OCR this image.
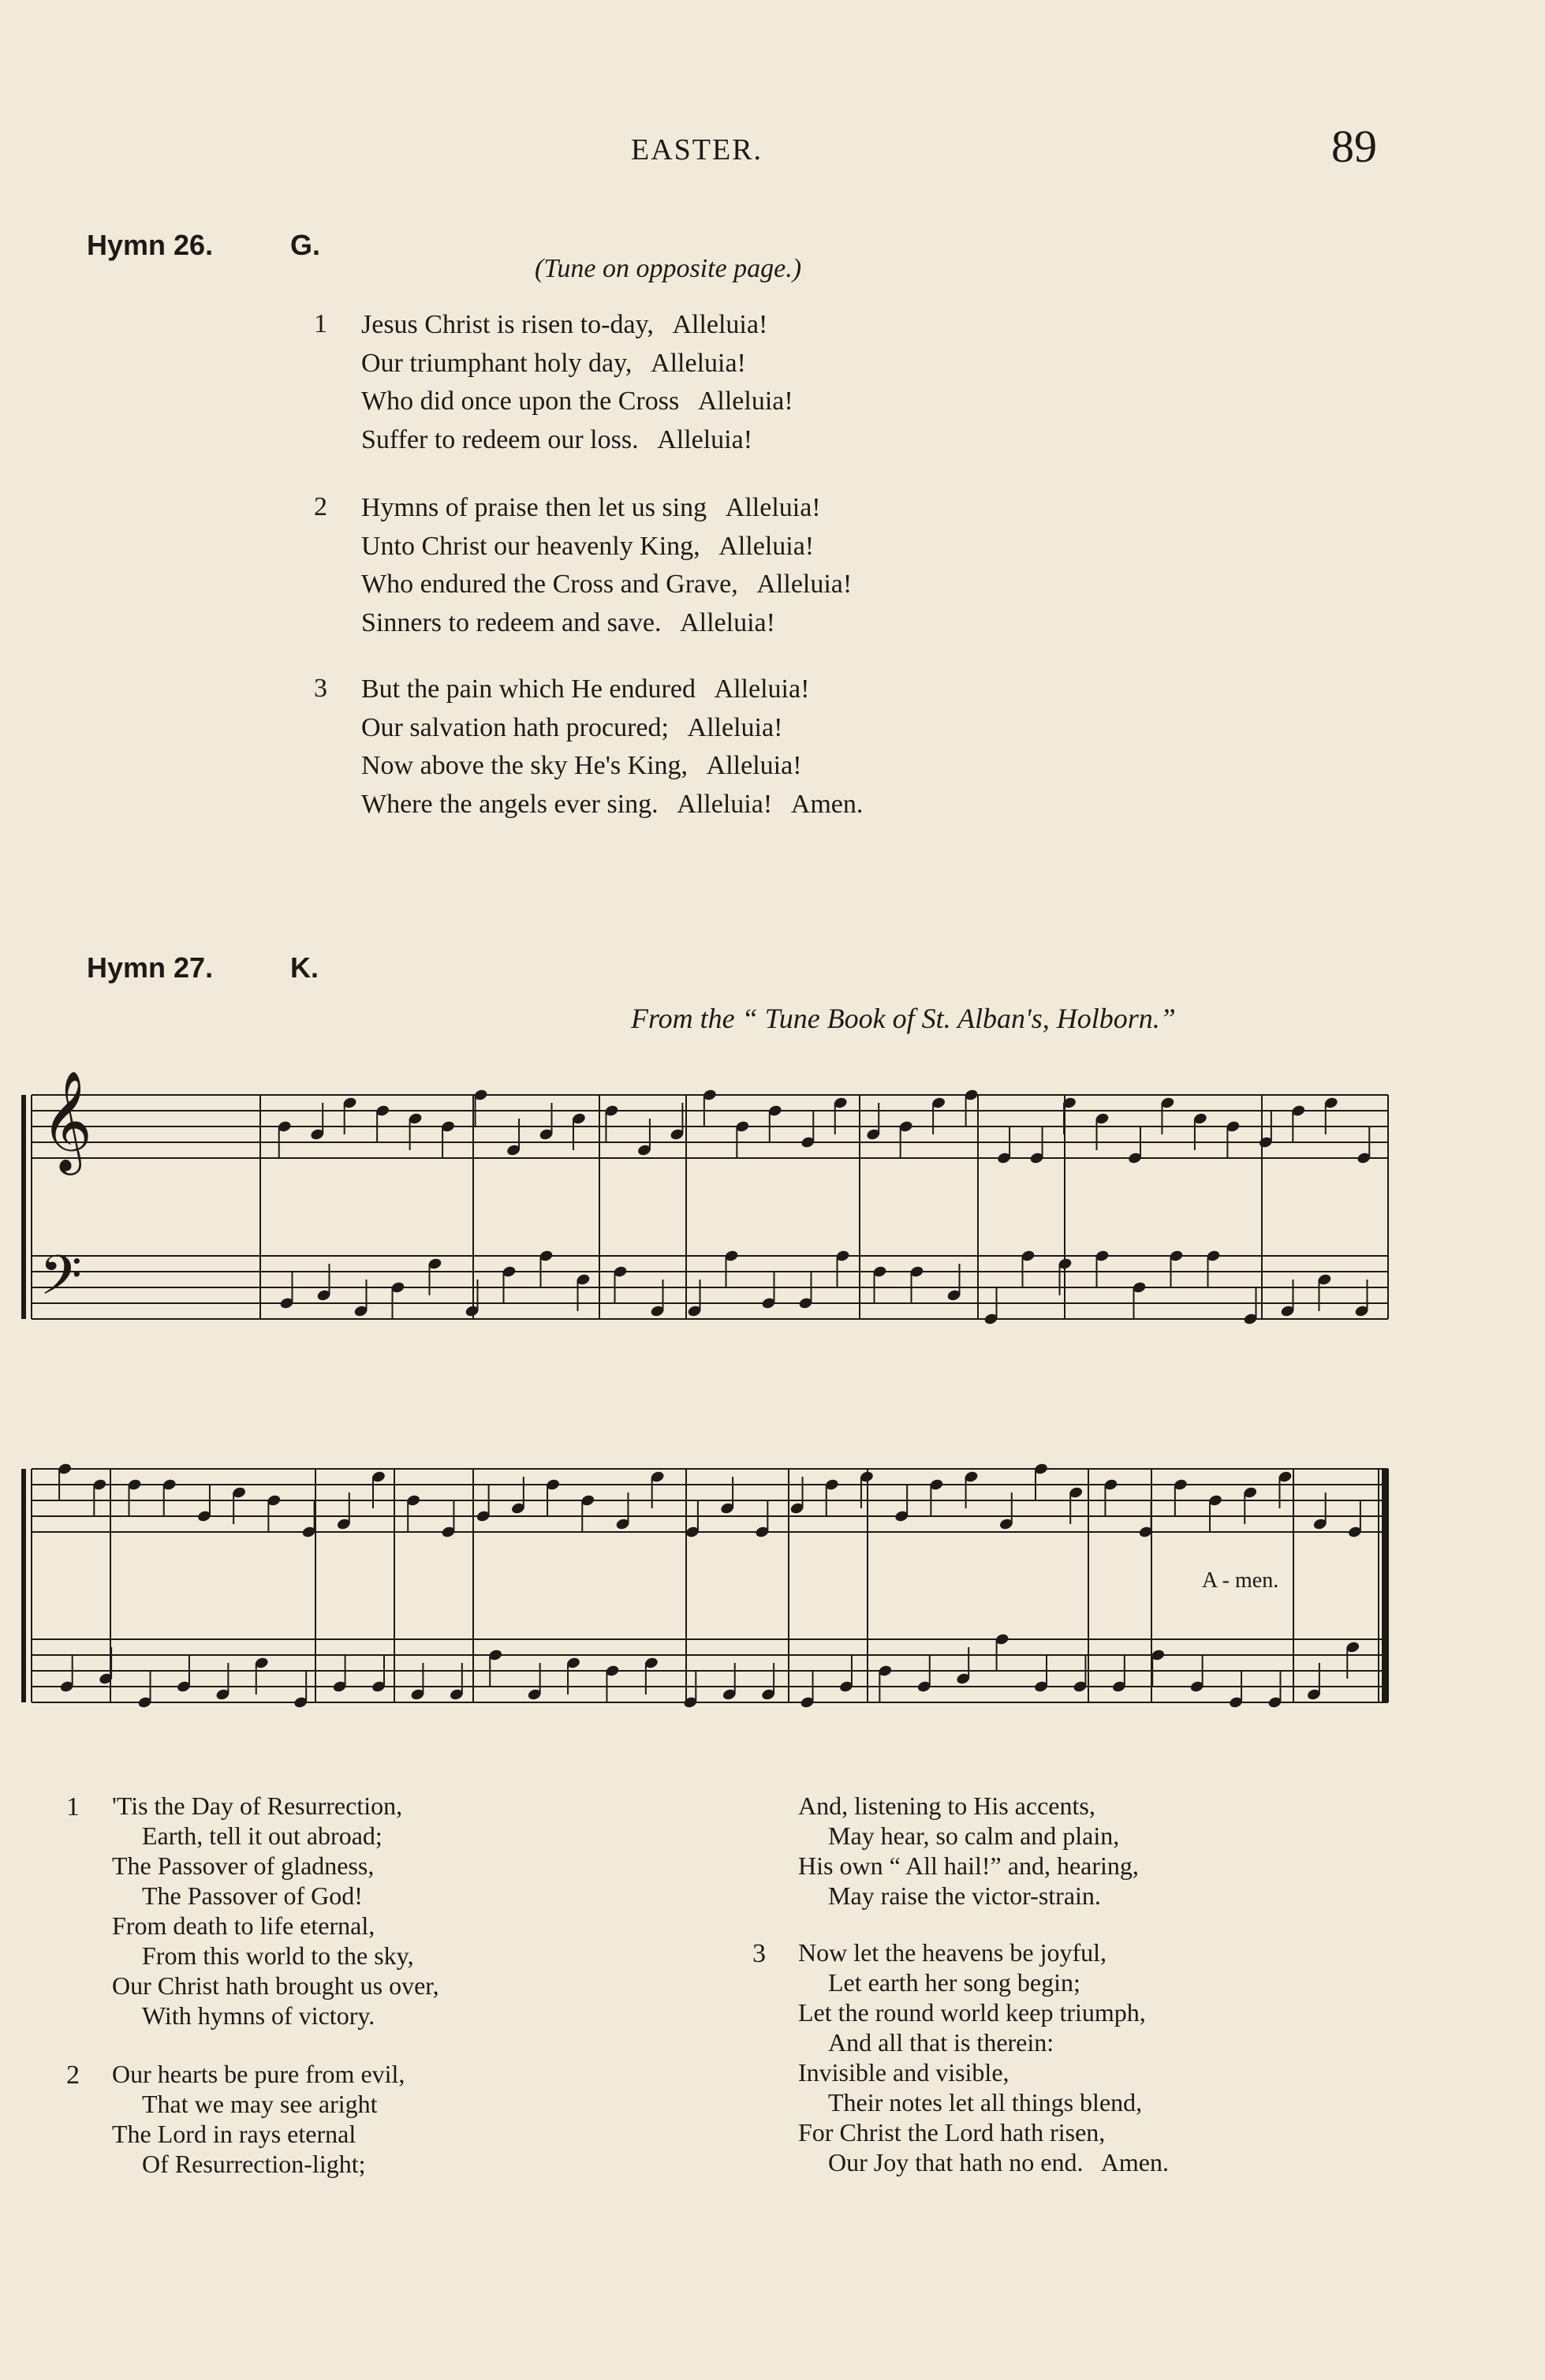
EASTER.	89
Hymn 26.	G.
(Tune on opposite page.)
1 Jesus Christ is risen to-day,   Alleluia!
Our triumphant holy day,   Alleluia!
Who did once upon the Cross   Alleluia!
Suffer to redeem our loss.   Alleluia!
2 Hymns of praise then let us sing   Alleluia!
Unto Christ our heavenly King,   Alleluia!
Who endured the Cross and Grave,   Alleluia!
Sinners to redeem and save.   Alleluia!
3 But the pain which He endured   Alleluia!
Our salvation hath procured;   Alleluia!
Now above the sky He's King,   Alleluia!
Where the angels ever sing.   Alleluia!   Amen.
Hymn 27.	K.
From the “ Tune Book of St. Alban's, Holborn.”
𝄞
𝄢
A - men.
1 'Tis the Day of Resurrection,
Earth, tell it out abroad;
The Passover of gladness,
The Passover of God!
From death to life eternal,
From this world to the sky,
Our Christ hath brought us over,
With hymns of victory.
2 Our hearts be pure from evil,
That we may see aright
The Lord in rays eternal
Of Resurrection-light;
And, listening to His accents,
May hear, so calm and plain,
His own “ All hail!” and, hearing,
May raise the victor-strain.
3 Now let the heavens be joyful,
Let earth her song begin;
Let the round world keep triumph,
And all that is therein:
Invisible and visible,
Their notes let all things blend,
For Christ the Lord hath risen,
Our Joy that hath no end.   Amen.
